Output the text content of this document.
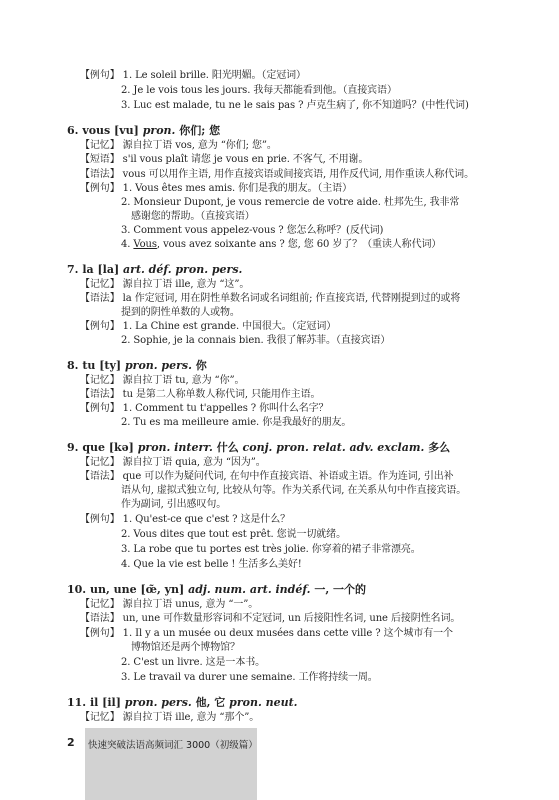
【例句】 1. Le soleil brille. 阳光明媚。（定冠词）
2. Je le vois tous les jours. 我每天都能看到他。（直接宾语）
3. Luc est malade, tu ne le sais pas ? 卢克生病了, 你不知道吗？(中性代词)
6. vous [vu] pron. 你们; 您
【记忆】 源自拉丁语 vos, 意为 “你们; 您”。
【短语】 s'il vous plaît 请您 je vous en prie. 不客气, 不用谢。
【语法】 vous 可以用作主语, 用作直接宾语或间接宾语, 用作反代词, 用作重读人称代词。
【例句】 1. Vous êtes mes amis. 你们是我的朋友。（主语）
2. Monsieur Dupont, je vous remercie de votre aide. 杜邦先生, 我非常
感谢您的帮助。（直接宾语）
3. Comment vous appelez-vous ? 您怎么称呼？(反代词)
4. Vous, vous avez soixante ans ? 您, 您 60 岁了？（重读人称代词）
7. la [la] art. déf. pron. pers.
【记忆】 源自拉丁语 ille, 意为 “这”。
【语法】 la 作定冠词, 用在阴性单数名词或名词组前; 作直接宾语, 代替刚提到过的或将
提到的阴性单数的人或物。
【例句】 1. La Chine est grande. 中国很大。（定冠词）
2. Sophie, je la connais bien. 我很了解苏菲。（直接宾语）
8. tu [ty] pron. pers. 你
【记忆】 源自拉丁语 tu, 意为 “你”。
【语法】 tu 是第二人称单数人称代词, 只能用作主语。
【例句】 1. Comment tu t'appelles ? 你叫什么名字？
2. Tu es ma meilleure amie. 你是我最好的朋友。
9. que [kə] pron. interr. 什么 conj. pron. relat. adv. exclam. 多么
【记忆】 源自拉丁语 quia, 意为 “因为”。
【语法】 que 可以作为疑问代词, 在句中作直接宾语、补语或主语。作为连词, 引出补
语从句, 虚拟式独立句, 比较从句等。作为关系代词, 在关系从句中作直接宾语。
作为副词, 引出感叹句。
【例句】 1. Qu'est-ce que c'est ? 这是什么？
2. Vous dites que tout est prêt. 您说一切就绪。
3. La robe que tu portes est très jolie. 你穿着的裙子非常漂亮。
4. Que la vie est belle ! 生活多么美好!
10. un, une [œ̃, yn] adj. num. art. indéf. 一, 一个的
【记忆】 源自拉丁语 unus, 意为 “一”。
【语法】 un, une 可作数量形容词和不定冠词, un 后接阳性名词, une 后接阴性名词。
【例句】 1. Il y a un musée ou deux musées dans cette ville ? 这个城市有一个
博物馆还是两个博物馆？
2. C'est un livre. 这是一本书。
3. Le travail va durer une semaine. 工作将持续一周。
11. il [il] pron. pers. 他, 它 pron. neut.
【记忆】 源自拉丁语 ille, 意为 “那个”。
2 快速突破法语高频词汇 3000（初级篇）
